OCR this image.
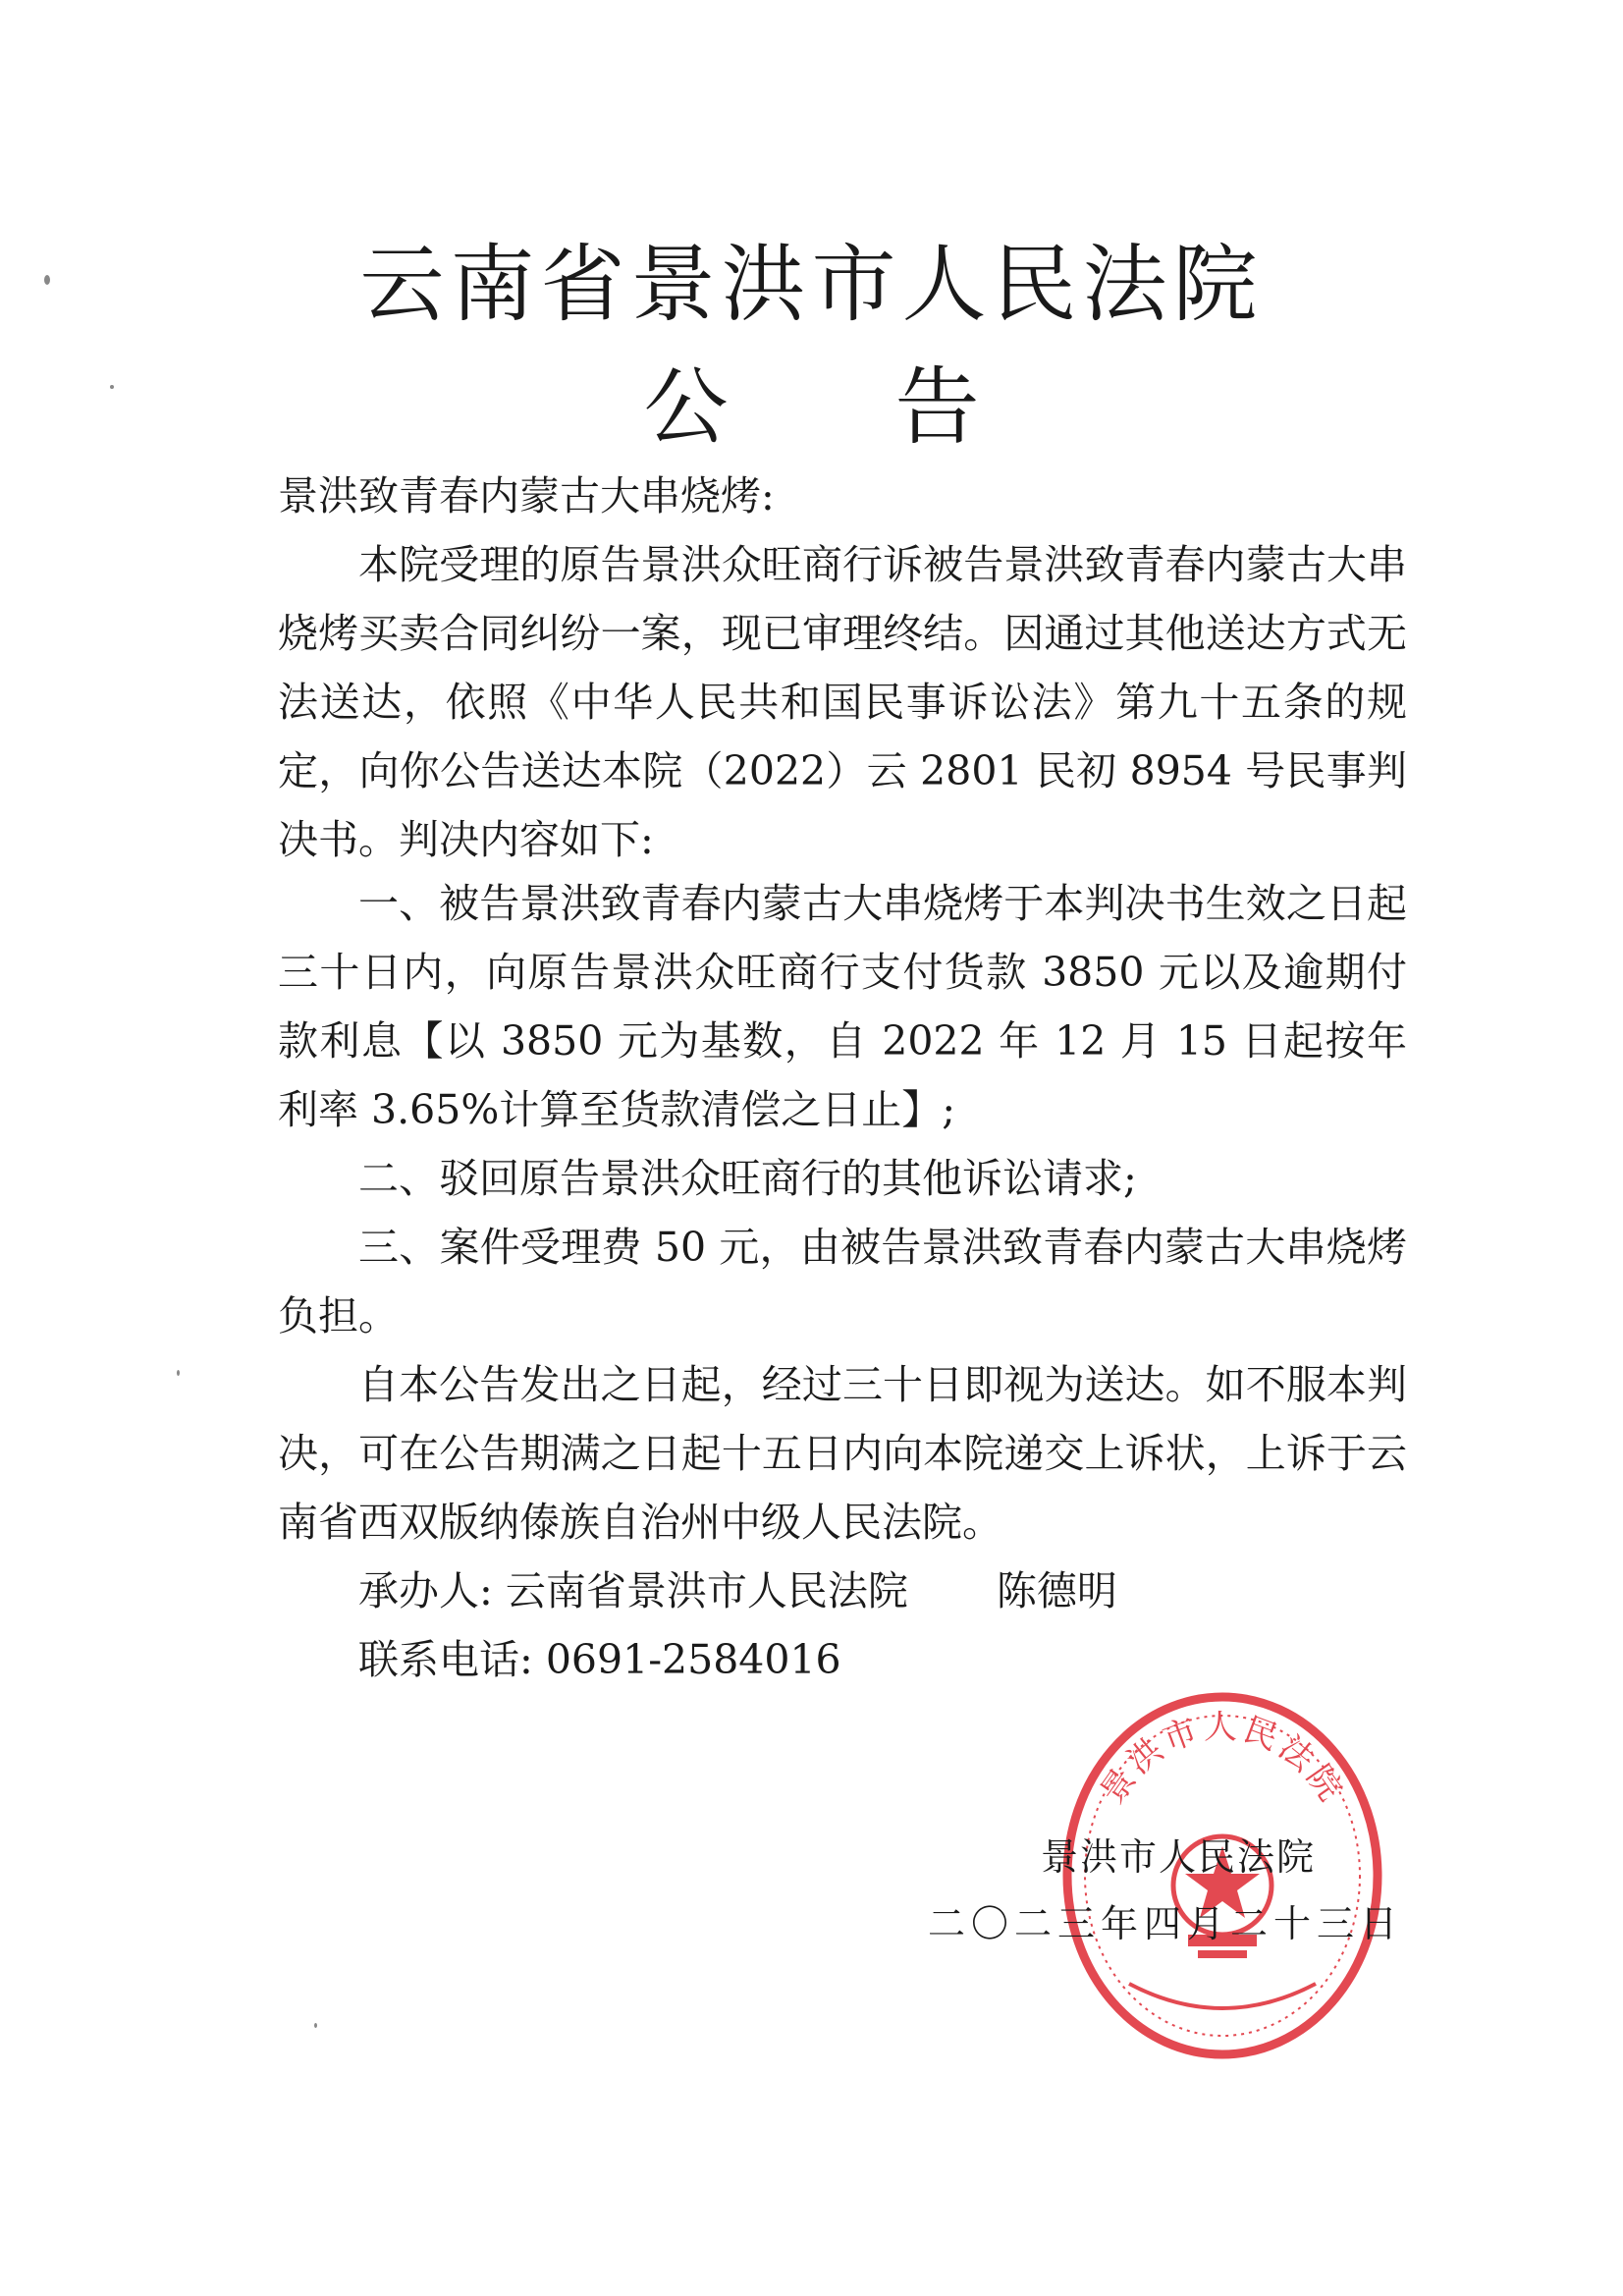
云南省景洪市人民法院
公 告
景洪致青春内蒙古大串烧烤:

本院受理的原告景洪众旺商行诉被告景洪致青春内蒙古大串烧烤买卖合同纠纷一案，现已审理终结。因通过其他送达方式无法送达，依照《中华人民共和国民事诉讼法》第九十五条的规定，向你公告送达本院（2022）云 2801 民初 8954 号民事判决书。判决内容如下:

一、被告景洪致青春内蒙古大串烧烤于本判决书生效之日起三十日内，向原告景洪众旺商行支付货款 3850 元以及逾期付款利息【以 3850 元为基数，自 2022 年 12 月 15 日起按年利率 3.65%计算至货款清偿之日止】;

二、驳回原告景洪众旺商行的其他诉讼请求;

三、案件受理费 50 元，由被告景洪致青春内蒙古大串烧烤负担。

自本公告发出之日起，经过三十日即视为送达。如不服本判决，可在公告期满之日起十五日内向本院递交上诉状，上诉于云南省西双版纳傣族自治州中级人民法院。

承办人: 云南省景洪市人民法院 陈德明
联系电话: 0691-2584016
景洪市人民法院
景洪市人民法院
二〇二三年四月二十三日
